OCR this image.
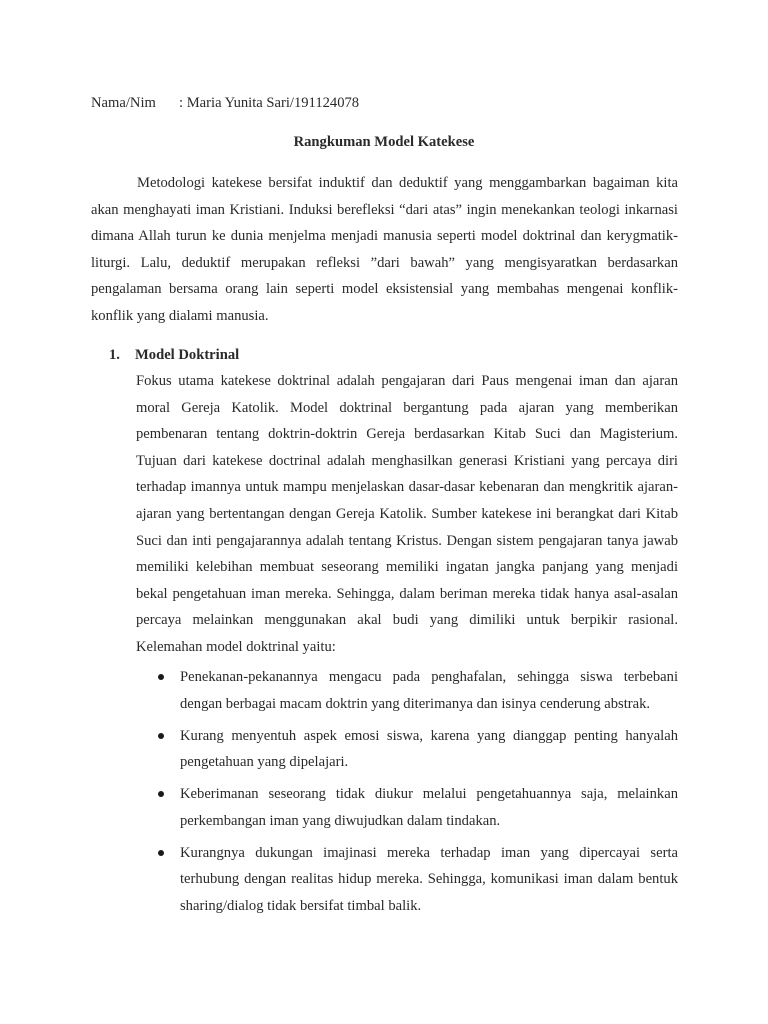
Nama/Nim : Maria Yunita Sari/191124078
Rangkuman Model Katekese

Metodologi katekese bersifat induktif dan deduktif yang menggambarkan bagaiman kita akan menghayati iman Kristiani. Induksi berefleksi “dari atas” ingin menekankan teologi inkarnasi dimana Allah turun ke dunia menjelma menjadi manusia seperti model doktrinal dan kerygmatik-liturgi. Lalu, deduktif merupakan refleksi ”dari bawah” yang mengisyaratkan berdasarkan pengalaman bersama orang lain seperti model eksistensial yang membahas mengenai konflik-konflik yang dialami manusia.

1. Model Doktrinal

Fokus utama katekese doktrinal adalah pengajaran dari Paus mengenai iman dan ajaran moral Gereja Katolik. Model doktrinal bergantung pada ajaran yang memberikan pembenaran tentang doktrin-doktrin Gereja berdasarkan Kitab Suci dan Magisterium. Tujuan dari katekese doctrinal adalah menghasilkan generasi Kristiani yang percaya diri terhadap imannya untuk mampu menjelaskan dasar-dasar kebenaran dan mengkritik ajaran-ajaran yang bertentangan dengan Gereja Katolik. Sumber katekese ini berangkat dari Kitab Suci dan inti pengajarannya adalah tentang Kristus. Dengan sistem pengajaran tanya jawab memiliki kelebihan membuat seseorang memiliki ingatan jangka panjang yang menjadi bekal pengetahuan iman mereka. Sehingga, dalam beriman mereka tidak hanya asal-asalan percaya melainkan menggunakan akal budi yang dimiliki untuk berpikir rasional. Kelemahan model doktrinal yaitu:

Penekanan-pekanannya mengacu pada penghafalan, sehingga siswa terbebani dengan berbagai macam doktrin yang diterimanya dan isinya cenderung abstrak.
Kurang menyentuh aspek emosi siswa, karena yang dianggap penting hanyalah pengetahuan yang dipelajari.
Keberimanan seseorang tidak diukur melalui pengetahuannya saja, melainkan perkembangan iman yang diwujudkan dalam tindakan.
Kurangnya dukungan imajinasi mereka terhadap iman yang dipercayai serta terhubung dengan realitas hidup mereka. Sehingga, komunikasi iman dalam bentuk sharing/dialog tidak bersifat timbal balik.
